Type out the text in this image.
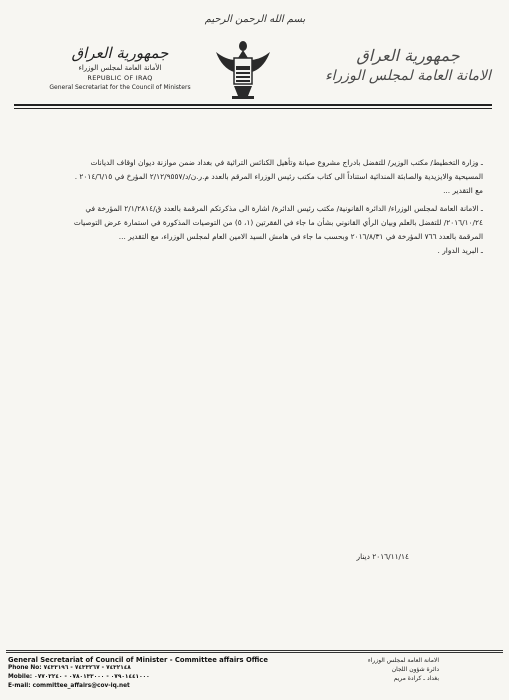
بسم الله الرحمن الرحيم
جمهورية العراق
الأمانة العامة لمجلس الوزراء
REPUBLIC OF IRAQ
General Secretariat for the Council of Ministers
جمهورية العراق
الامانة العامة لمجلس الوزراء

ـ وزارة التخطيط/ مكتب الوزير/ للتفضل بادراج مشروع صيانة وتأهيل الكنائس التراثية في بغداد ضمن موازنة ديوان اوقاف الديانات

المسيحية والايزيدية والصابئة المندائية استناداً الى كتاب مكتب رئيس الوزراء المرقم بالعدد م.ر.ن/د/٢/١٢/٩٥٥٧ المؤرخ في ٢٠١٤/٦/١٥ .

مع التقدير ...

ـ الامانة العامة لمجلس الوزراء/ الدائرة القانونية/ مكتب رئيس الدائرة/ اشارة الى مذكرتكم المرقمة بالعدد ق/٢/١/٢٨١٤ المؤرخة في

٢٠١٦/١٠/٢٤/ للتفضل بالعلم وبيان الرأي القانوني بشأن ما جاء في الفقرتين (١، ٥) من التوصيات المذكورة في استمارة عرض التوصيات

المرقمة بالعدد ٧٦٦ المؤرخة في ٢٠١٦/٨/٣١ وبحسب ما جاء في هامش السيد الامين العام لمجلس الوزراء، مع التقدير ...

ـ البريد الدوار .

٢٠١٦/١١/١٤ دينار
General Secretariat of Council of Minister - Committee affairs Office
Phone No: ٧٤٣٢١٤٨ - ٧٤٣٣٢٦٧ - ٧٤٣٣١٩٦
Mobile: ٠٧٩٠١٤٤١٠٠٠ - ٠٧٨٠١٣٣٠٠٠ - ٠٧٧٠٢٢٤٠
E-mail: committee_affairs@cov-iq.net
الامانة العامة لمجلس الوزراء
دائرة شؤون اللجان
بغداد ـ كرادة مريم
